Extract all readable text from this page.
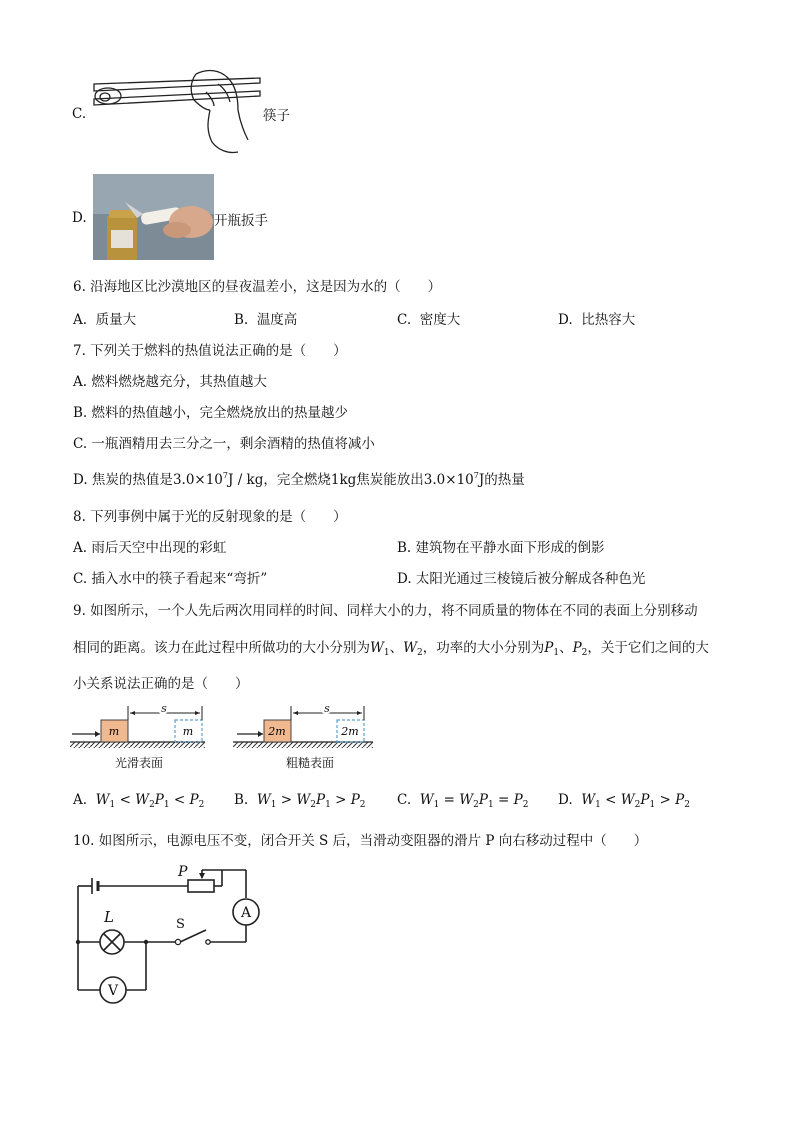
C.	筷子
D.	开瓶扳手
6. 沿海地区比沙漠地区的昼夜温差小，这是因为水的（　　）
A. 质量大	B. 温度高	C. 密度大	D. 比热容大
7. 下列关于燃料的热值说法正确的是（　　）
A. 燃料燃烧越充分，其热值越大
B. 燃料的热值越小，完全燃烧放出的热量越少
C. 一瓶酒精用去三分之一，剩余酒精的热值将减小
D. 焦炭的热值是$3.0\times 10^7J$ / kg，完全燃烧1kg焦炭能放出$3.0\times 10^7J$的热量
8. 下列事例中属于光的反射现象的是（　　）
A. 雨后天空中出现的彩虹	B. 建筑物在平静水面下形成的倒影
C. 插入水中的筷子看起来“弯折”	D. 太阳光通过三棱镜后被分解成各种色光
9. 如图所示，一个人先后两次用同样的时间、同样大小的力，将不同质量的物体在不同的表面上分别移动
相同的距离。该力在此过程中所做功的大小分别为$W_1$、$W_2$，功率的大小分别为$P_1$、$P_2$，关于它们之间的大
小关系说法正确的是（　　）
m	m
s
光滑表面
2m	2m
s
粗糙表面
A. $W_1 < W_2P_1 < P_2$ B. $W_1 > W_2P_1 > P_2$ C. $W_1 = W_2P_1 = P_2$ D. $W_1 < W_2P_1 > P_2$
10. 如图所示，电源电压不变，闭合开关 S 后，当滑动变阻器的滑片 P 向右移动过程中（　　）
P
L	S
A
V
